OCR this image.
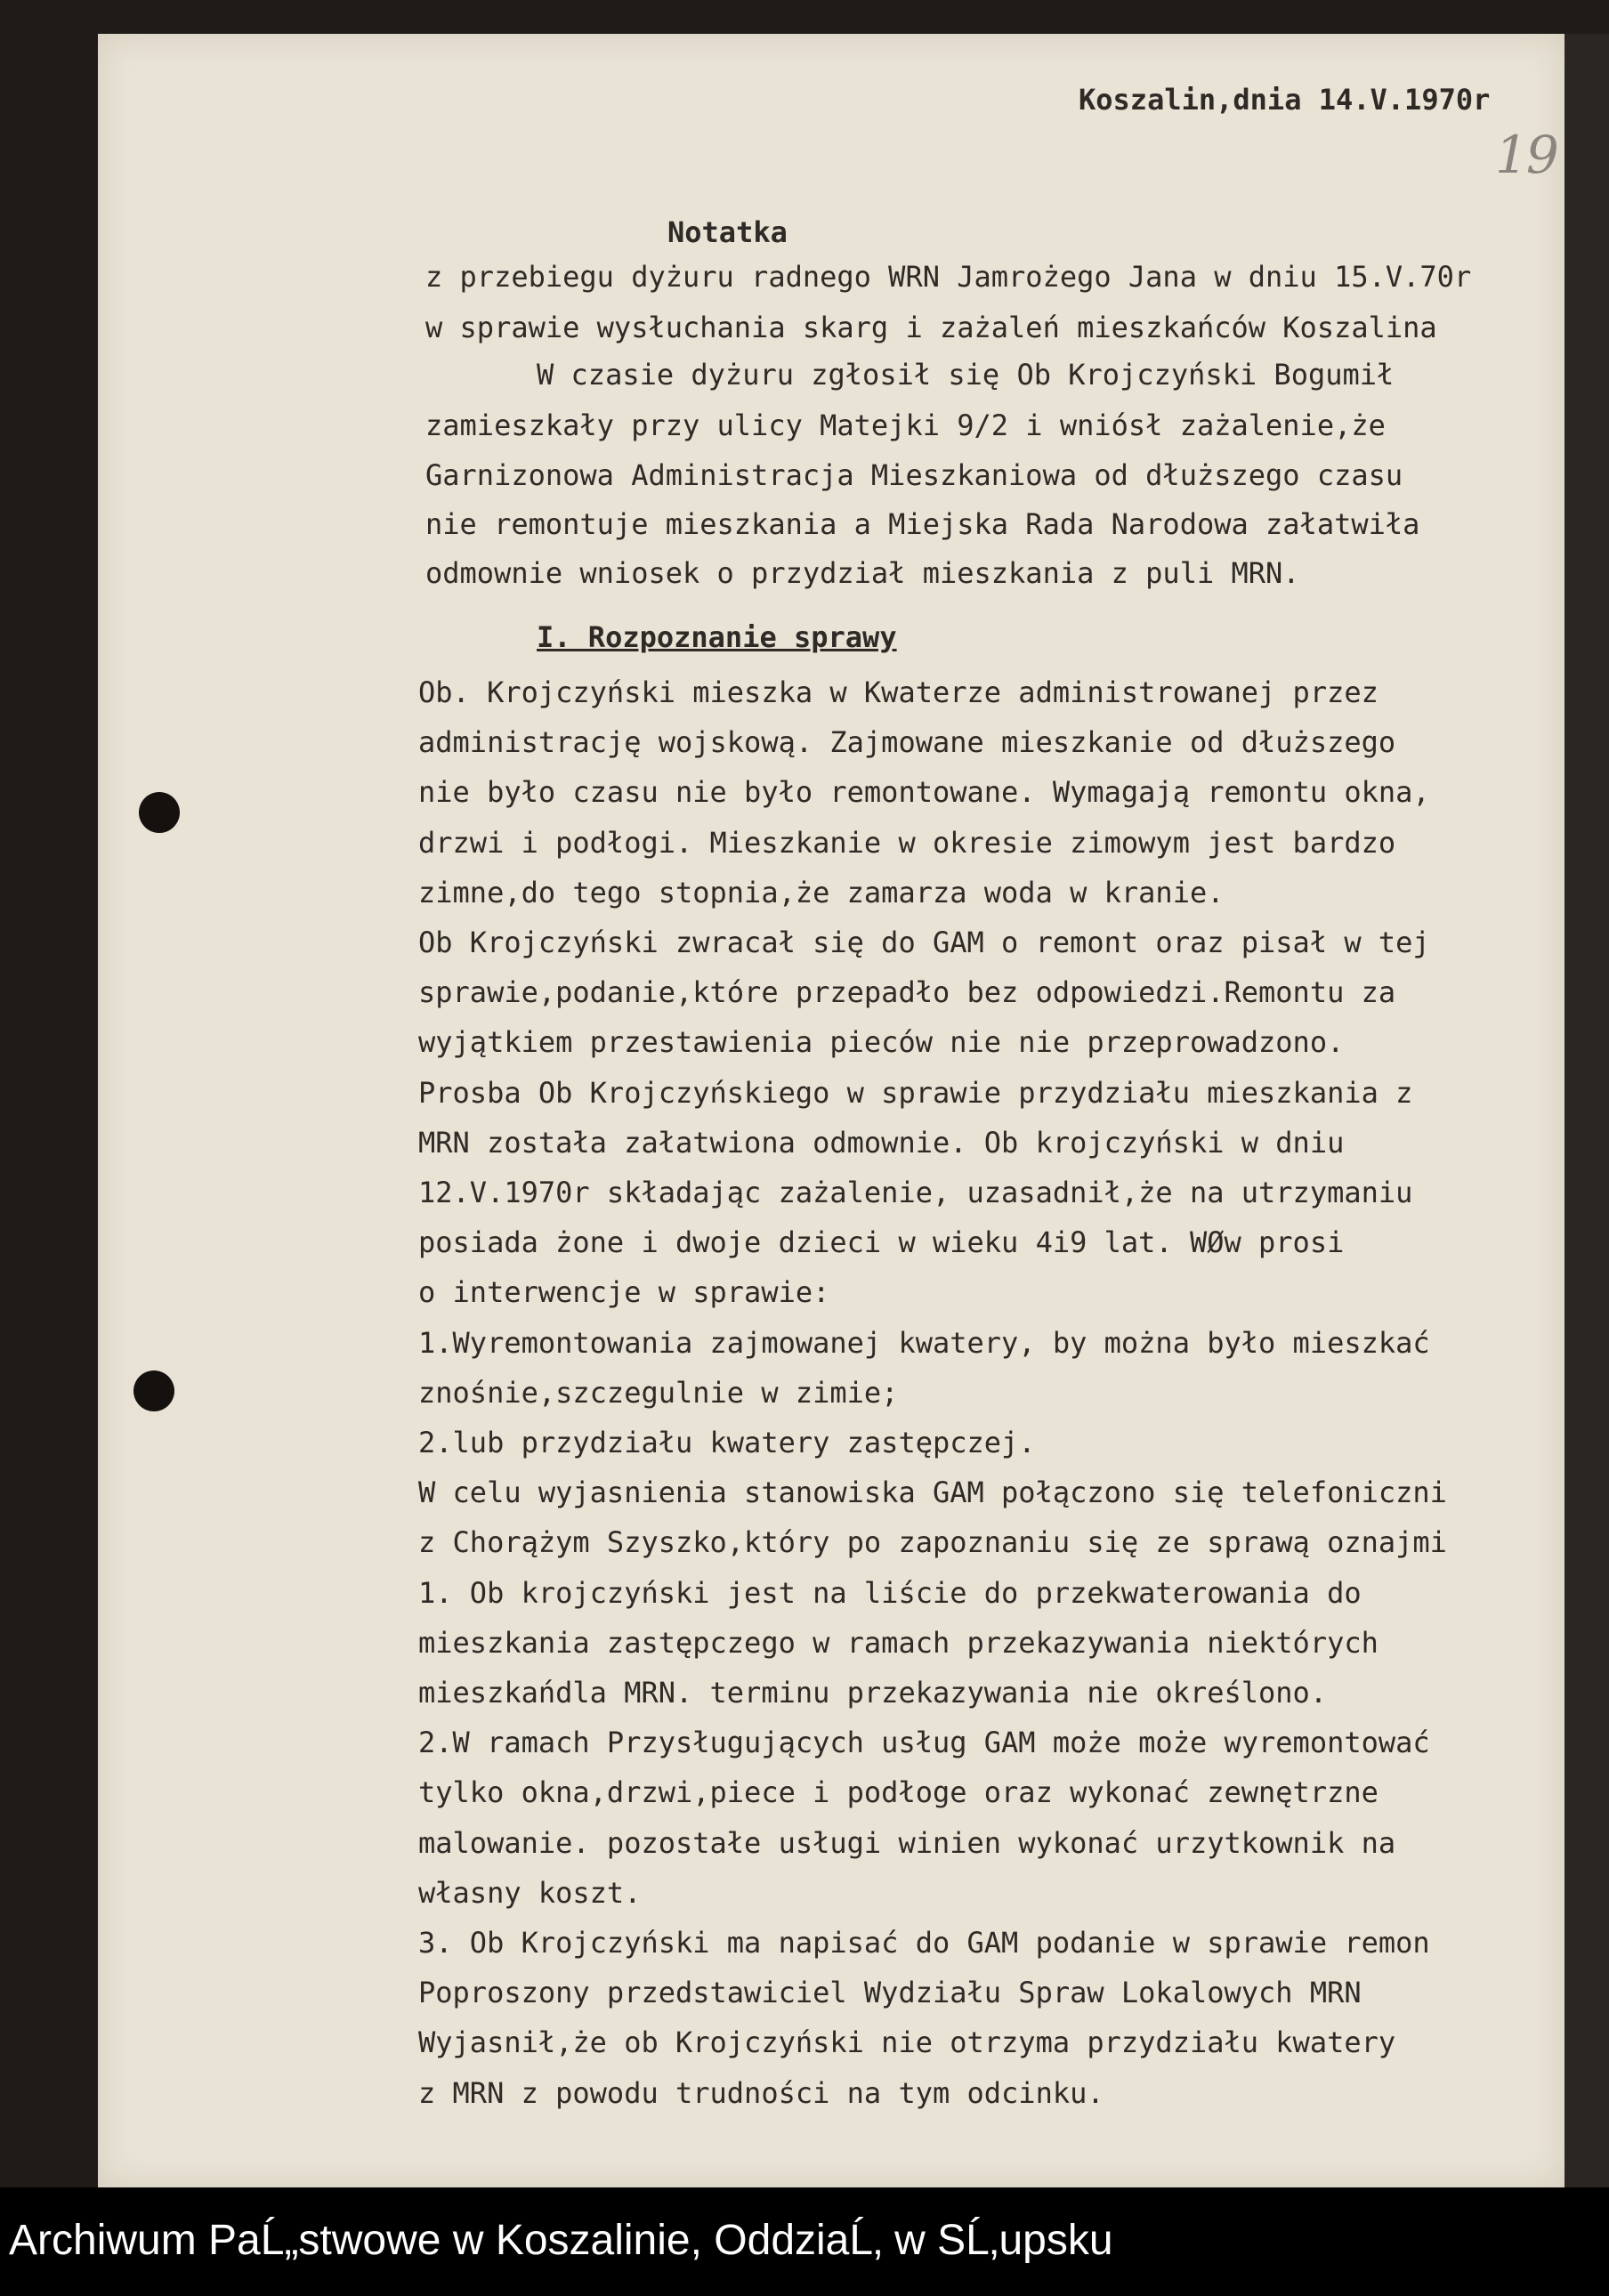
Koszalin,dnia 14.V.1970r
19
Notatka
z przebiegu dyżuru radnego WRN Jamrożego Jana w dniu 15.V.70r
w sprawie wysłuchania skarg i zażaleń mieszkańców Koszalina
W czasie dyżuru zgłosił się Ob Krojczyński Bogumił
zamieszkały przy ulicy Matejki 9/2 i wniósł zażalenie,że
Garnizonowa Administracja Mieszkaniowa od dłuższego czasu
nie remontuje mieszkania a Miejska Rada Narodowa załatwiła
odmownie wniosek o przydział mieszkania z puli MRN.
I. Rozpoznanie sprawy
Ob. Krojczyński mieszka w Kwaterze administrowanej przez
administrację wojskową. Zajmowane mieszkanie od dłuższego
nie było czasu nie było remontowane. Wymagają remontu okna,
drzwi i podłogi. Mieszkanie w okresie zimowym jest bardzo
zimne,do tego stopnia,że zamarza woda w kranie.
Ob Krojczyński zwracał się do GAM o remont oraz pisał w tej
sprawie,podanie,które przepadło bez odpowiedzi.Remontu za
wyjątkiem przestawienia pieców nie nie przeprowadzono.
Prosba Ob Krojczyńskiego w sprawie przydziału mieszkania z
MRN została załatwiona odmownie. Ob krojczyński w dniu
12.V.1970r składając zażalenie, uzasadnił,że na utrzymaniu
posiada żone i dwoje dzieci w wieku 4i9 lat. WØw prosi
o interwencje w sprawie:
1.Wyremontowania zajmowanej kwatery, by można było mieszkać
znośnie,szczegulnie w zimie;
2.lub przydziału kwatery zastępczej.
W celu wyjasnienia stanowiska GAM połączono się telefoniczni
z Chorążym Szyszko,który po zapoznaniu się ze sprawą oznajmi
1. Ob krojczyński jest na liście do przekwaterowania do
mieszkania zastępczego w ramach przekazywania niektórych
mieszkańdla MRN. terminu przekazywania nie określono.
2.W ramach Przysługujących usług GAM może może wyremontować
tylko okna,drzwi,piece i podłoge oraz wykonać zewnętrzne
malowanie. pozostałe usługi winien wykonać urzytkownik na
własny koszt.
3. Ob Krojczyński ma napisać do GAM podanie w sprawie remon
Poproszony przedstawiciel Wydziału Spraw Lokalowych MRN
Wyjasnił,że ob Krojczyński nie otrzyma przydziału kwatery
z MRN z powodu trudności na tym odcinku.
Archiwum PaĹ„stwowe w Koszalinie, OddziaĹ‚ w SĹ‚upsku
